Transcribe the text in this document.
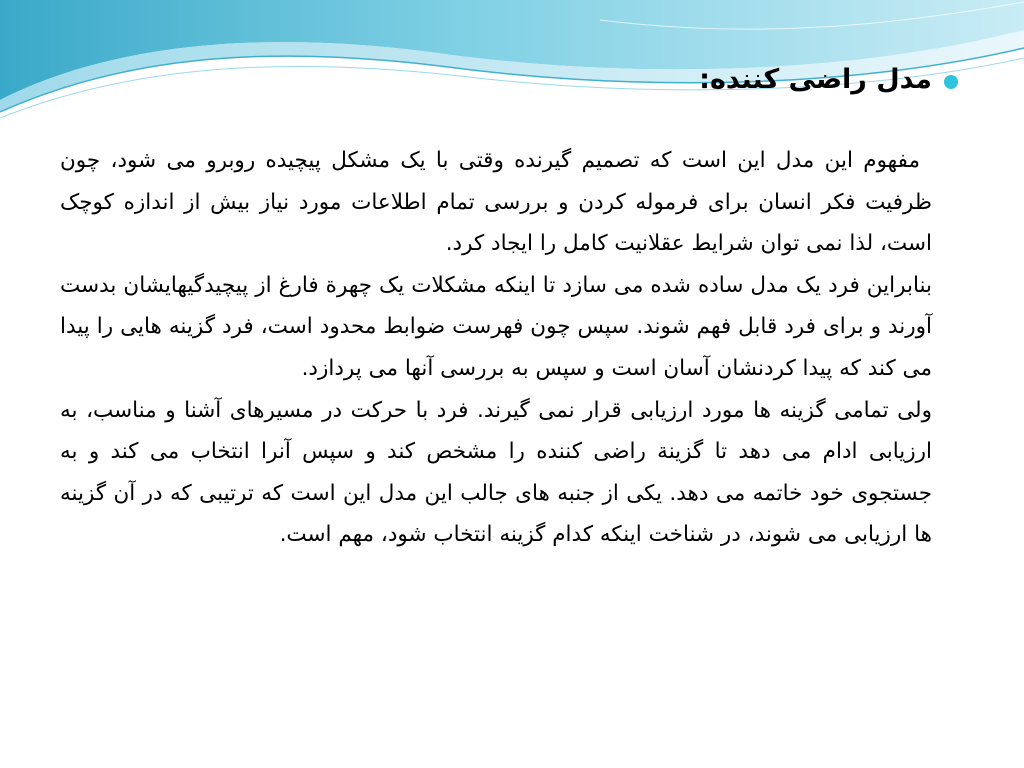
مدل راضی کننده:

مفهوم این مدل این است که تصمیم گیرنده وقتی با یک مشکل پیچیده روبرو می شود، چون ظرفیت فکر انسان برای فرموله کردن و بررسی تمام اطلاعات مورد نیاز بیش از اندازه کوچک است، لذا نمی توان شرایط عقلانیت کامل را ایجاد کرد.

بنابراین فرد یک مدل ساده شده می سازد تا اینکه مشکلات یک چهرة فارغ از پیچیدگیهایشان بدست آورند و برای فرد قابل فهم شوند. سپس چون فهرست ضوابط محدود است، فرد گزینه هایی را پیدا می کند که پیدا کردنشان آسان است و سپس به بررسی آنها می پردازد.

ولی تمامی گزینه ها مورد ارزیابی قرار نمی گیرند. فرد با حرکت در مسیرهای آشنا و مناسب، به ارزیابی ادام می دهد تا گزینة راضی کننده را مشخص کند و سپس آنرا انتخاب می کند و به جستجوی خود خاتمه می دهد. یکی از جنبه های جالب این مدل این است که ترتیبی که در آن گزینه ها ارزیابی می شوند، در شناخت اینکه کدام گزینه انتخاب شود، مهم است.
